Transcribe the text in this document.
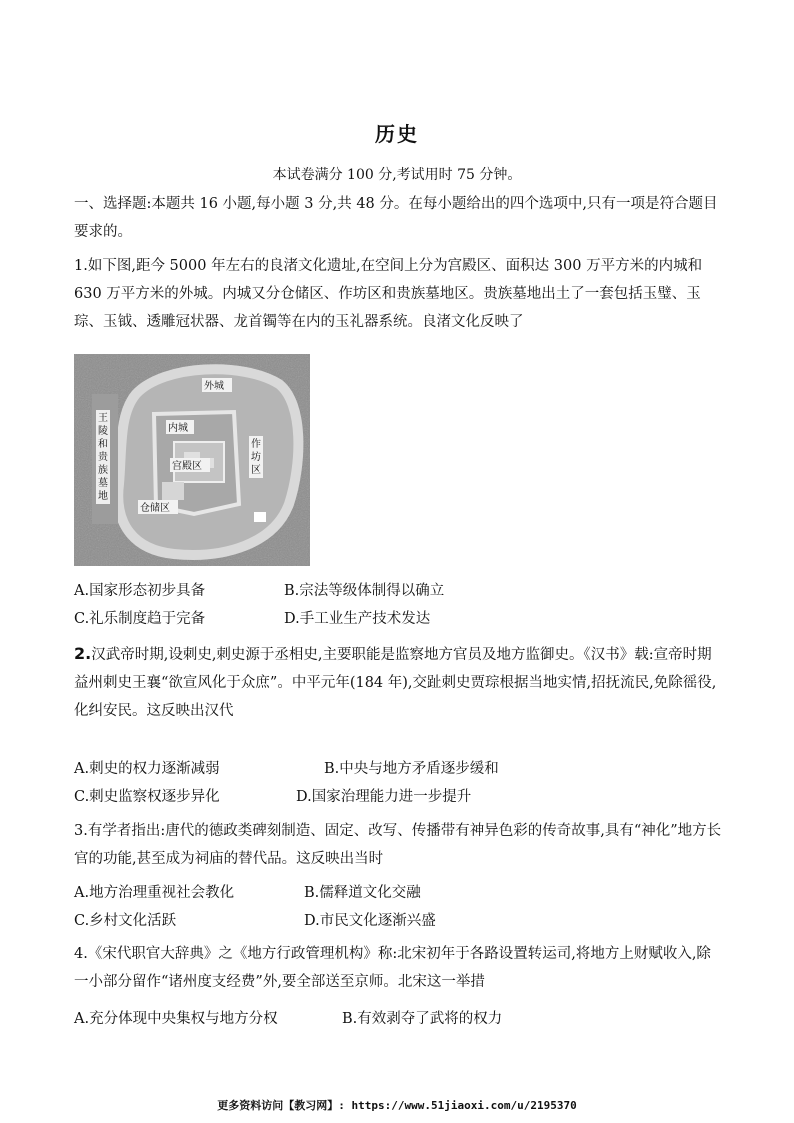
历史
本试卷满分 100 分,考试用时 75 分钟。
一、选择题:本题共 16 小题,每小题 3 分,共 48 分。在每小题给出的四个选项中,只有一项是符合题目要求的。
1.如下图,距今 5000 年左右的良渚文化遗址,在空间上分为宫殿区、面积达 300 万平方米的内城和 630 万平方米的外城。内城又分仓储区、作坊区和贵族墓地区。贵族墓地出土了一套包括玉璧、玉琮、玉钺、透雕冠状器、龙首镯等在内的玉礼器系统。良渚文化反映了
外城
内城
宫殿区
仓储区
作 坊 区
王陵和贵族墓地
A.国家形态初步具备	B.宗法等级体制得以确立
C.礼乐制度趋于完备	D.手工业生产技术发达
2.汉武帝时期,设刺史,刺史源于丞相史,主要职能是监察地方官员及地方监御史。《汉书》载:宣帝时期益州刺史王襄“欲宣风化于众庶”。中平元年(184 年),交趾刺史贾琮根据当地实情,招抚流民,免除徭役,化纠安民。这反映出汉代
A.刺史的权力逐渐减弱	B.中央与地方矛盾逐步缓和
C.刺史监察权逐步异化	D.国家治理能力进一步提升
3.有学者指出:唐代的德政类碑刻制造、固定、改写、传播带有神异色彩的传奇故事,具有“神化”地方长官的功能,甚至成为祠庙的替代品。这反映出当时
A.地方治理重视社会教化	B.儒释道文化交融
C.乡村文化活跃	D.市民文化逐渐兴盛
4.《宋代职官大辞典》之《地方行政管理机构》称:北宋初年于各路设置转运司,将地方上财赋收入,除一小部分留作“诸州度支经费”外,要全部送至京师。北宋这一举措
A.充分体现中央集权与地方分权	B.有效剥夺了武将的权力
更多资料访问【教习网】: https://www.51jiaoxi.com/u/2195370
